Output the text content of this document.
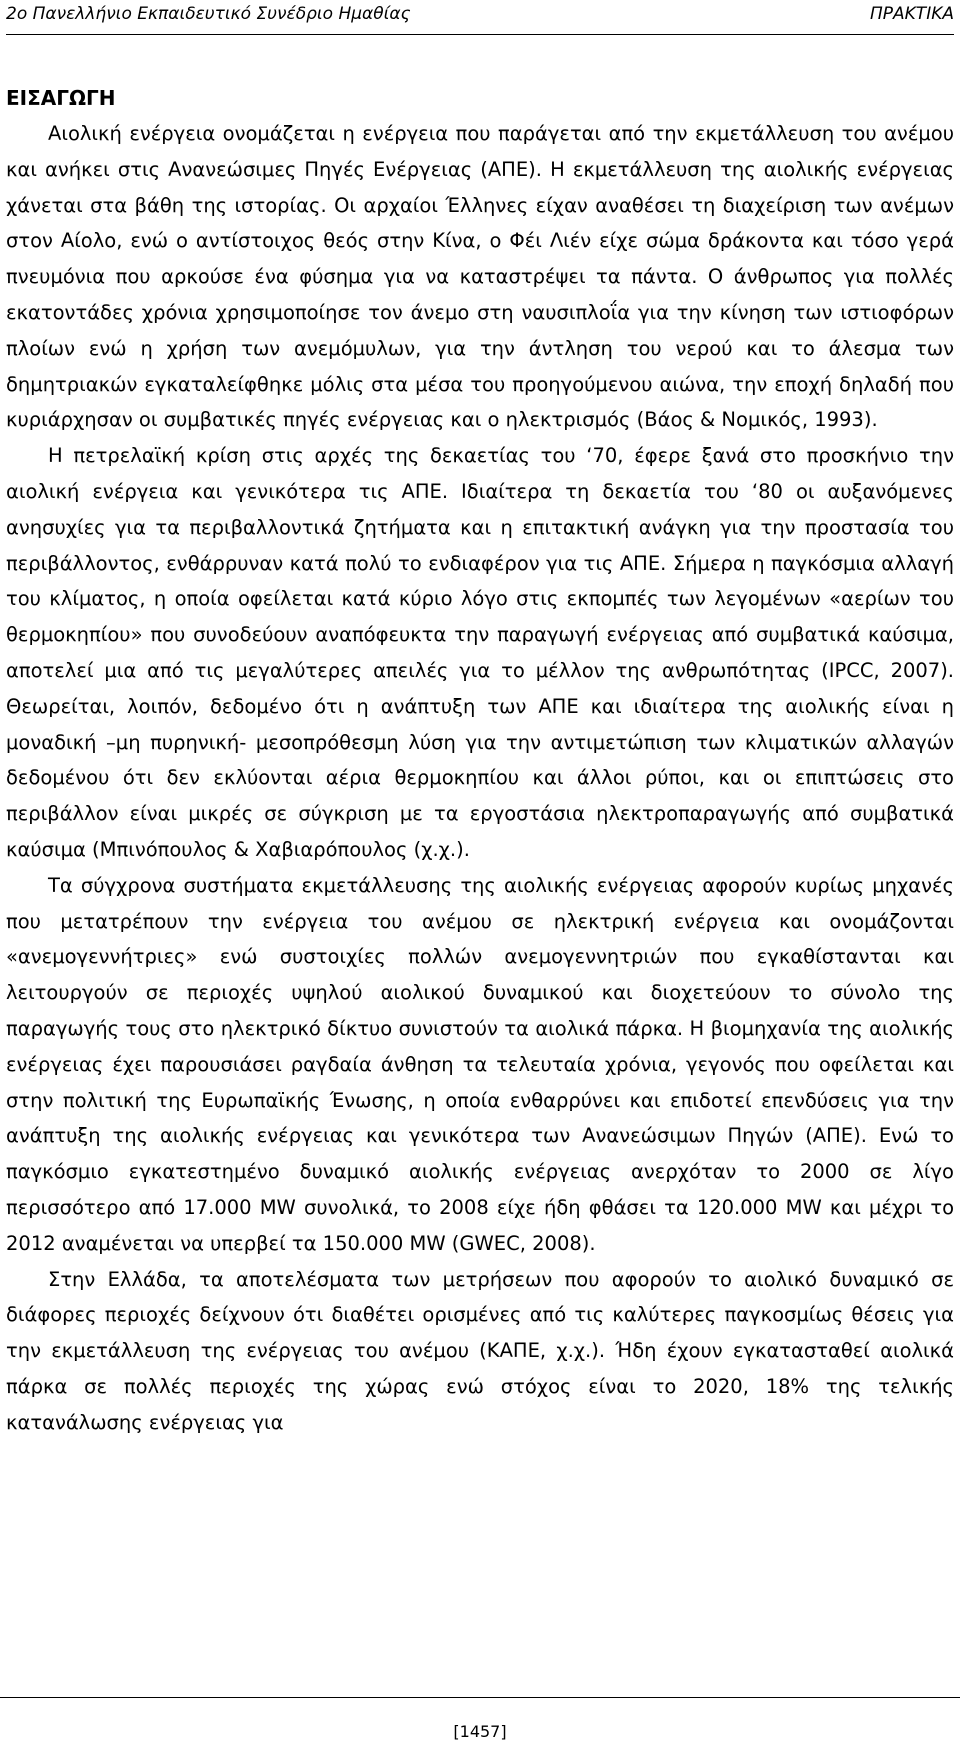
2ο Πανελλήνιο Εκπαιδευτικό Συνέδριο Ημαθίας	ΠΡΑΚΤΙΚΑ
ΕΙΣΑΓΩΓΗ

Αιολική ενέργεια ονομάζεται η ενέργεια που παράγεται από την εκμετάλλευση του ανέμου και ανήκει στις Ανανεώσιμες Πηγές Ενέργειας (ΑΠΕ). Η εκμετάλλευση της αιολικής ενέργειας χάνεται στα βάθη της ιστορίας. Οι αρχαίοι Έλληνες είχαν αναθέσει τη διαχείριση των ανέμων στον Αίολο, ενώ ο αντίστοιχος θεός στην Κίνα, ο Φέι Λιέν είχε σώμα δράκοντα και τόσο γερά πνευμόνια που αρκούσε ένα φύσημα για να καταστρέψει τα πάντα. Ο άνθρωπος για πολλές εκατοντάδες χρόνια χρησιμοποίησε τον άνεμο στη ναυσιπλοΐα για την κίνηση των ιστιοφόρων πλοίων ενώ η χρήση των ανεμόμυλων, για την άντληση του νερού και το άλεσμα των δημητριακών εγκαταλείφθηκε μόλις στα μέσα του προηγούμενου αιώνα, την εποχή δηλαδή που κυριάρχησαν οι συμβατικές πηγές ενέργειας και ο ηλεκτρισμός (Βάος & Νομικός, 1993).

Η πετρελαϊκή κρίση στις αρχές της δεκαετίας του ‘70, έφερε ξανά στο προσκήνιο την αιολική ενέργεια και γενικότερα τις ΑΠΕ. Ιδιαίτερα τη δεκαετία του ‘80 οι αυξανόμενες ανησυχίες για τα περιβαλλοντικά ζητήματα και η επιτακτική ανάγκη για την προστασία του περιβάλλοντος, ενθάρρυναν κατά πολύ το ενδιαφέρον για τις ΑΠΕ. Σήμερα η παγκόσμια αλλαγή του κλίματος, η οποία οφείλεται κατά κύριο λόγο στις εκπομπές των λεγομένων «αερίων του θερμοκηπίου» που συνοδεύουν αναπόφευκτα την παραγωγή ενέργειας από συμβατικά καύσιμα, αποτελεί μια από τις μεγαλύτερες απειλές για το μέλλον της ανθρωπότητας (IPCC, 2007). Θεωρείται, λοιπόν, δεδομένο ότι η ανάπτυξη των ΑΠΕ και ιδιαίτερα της αιολικής είναι η μοναδική –μη πυρηνική- μεσοπρόθεσμη λύση για την αντιμετώπιση των κλιματικών αλλαγών δεδομένου ότι δεν εκλύονται αέρια θερμοκηπίου και άλλοι ρύποι, και οι επιπτώσεις στο περιβάλλον είναι μικρές σε σύγκριση με τα εργοστάσια ηλεκτροπαραγωγής από συμβατικά καύσιμα (Μπινόπουλος & Χαβιαρόπουλος (χ.χ.).

Τα σύγχρονα συστήματα εκμετάλλευσης της αιολικής ενέργειας αφορούν κυρίως μηχανές που μετατρέπουν την ενέργεια του ανέμου σε ηλεκτρική ενέργεια και ονομάζονται «ανεμογεννήτριες» ενώ συστοιχίες πολλών ανεμογεννητριών που εγκαθίστανται και λειτουργούν σε περιοχές υψηλού αιολικού δυναμικού και διοχετεύουν το σύνολο της παραγωγής τους στο ηλεκτρικό δίκτυο συνιστούν τα αιολικά πάρκα. Η βιομηχανία της αιολικής ενέργειας έχει παρουσιάσει ραγδαία άνθηση τα τελευταία χρόνια, γεγονός που οφείλεται και στην πολιτική της Ευρωπαϊκής Ένωσης, η οποία ενθαρρύνει και επιδοτεί επενδύσεις για την ανάπτυξη της αιολικής ενέργειας και γενικότερα των Ανανεώσιμων Πηγών (ΑΠΕ). Ενώ το παγκόσμιο εγκατεστημένο δυναμικό αιολικής ενέργειας ανερχόταν το 2000 σε λίγο περισσότερο από 17.000 MW συνολικά, το 2008 είχε ήδη φθάσει τα 120.000 MW και μέχρι το 2012 αναμένεται να υπερβεί τα 150.000 MW (GWEC, 2008).

Στην Ελλάδα, τα αποτελέσματα των μετρήσεων που αφορούν το αιολικό δυναμικό σε διάφορες περιοχές δείχνουν ότι διαθέτει ορισμένες από τις καλύτερες παγκοσμίως θέσεις για την εκμετάλλευση της ενέργειας του ανέμου (ΚΑΠΕ, χ.χ.). Ήδη έχουν εγκατασταθεί αιολικά πάρκα σε πολλές περιοχές της χώρας ενώ στόχος είναι το 2020, 18% της τελικής κατανάλωσης ενέργειας για

[1457]
